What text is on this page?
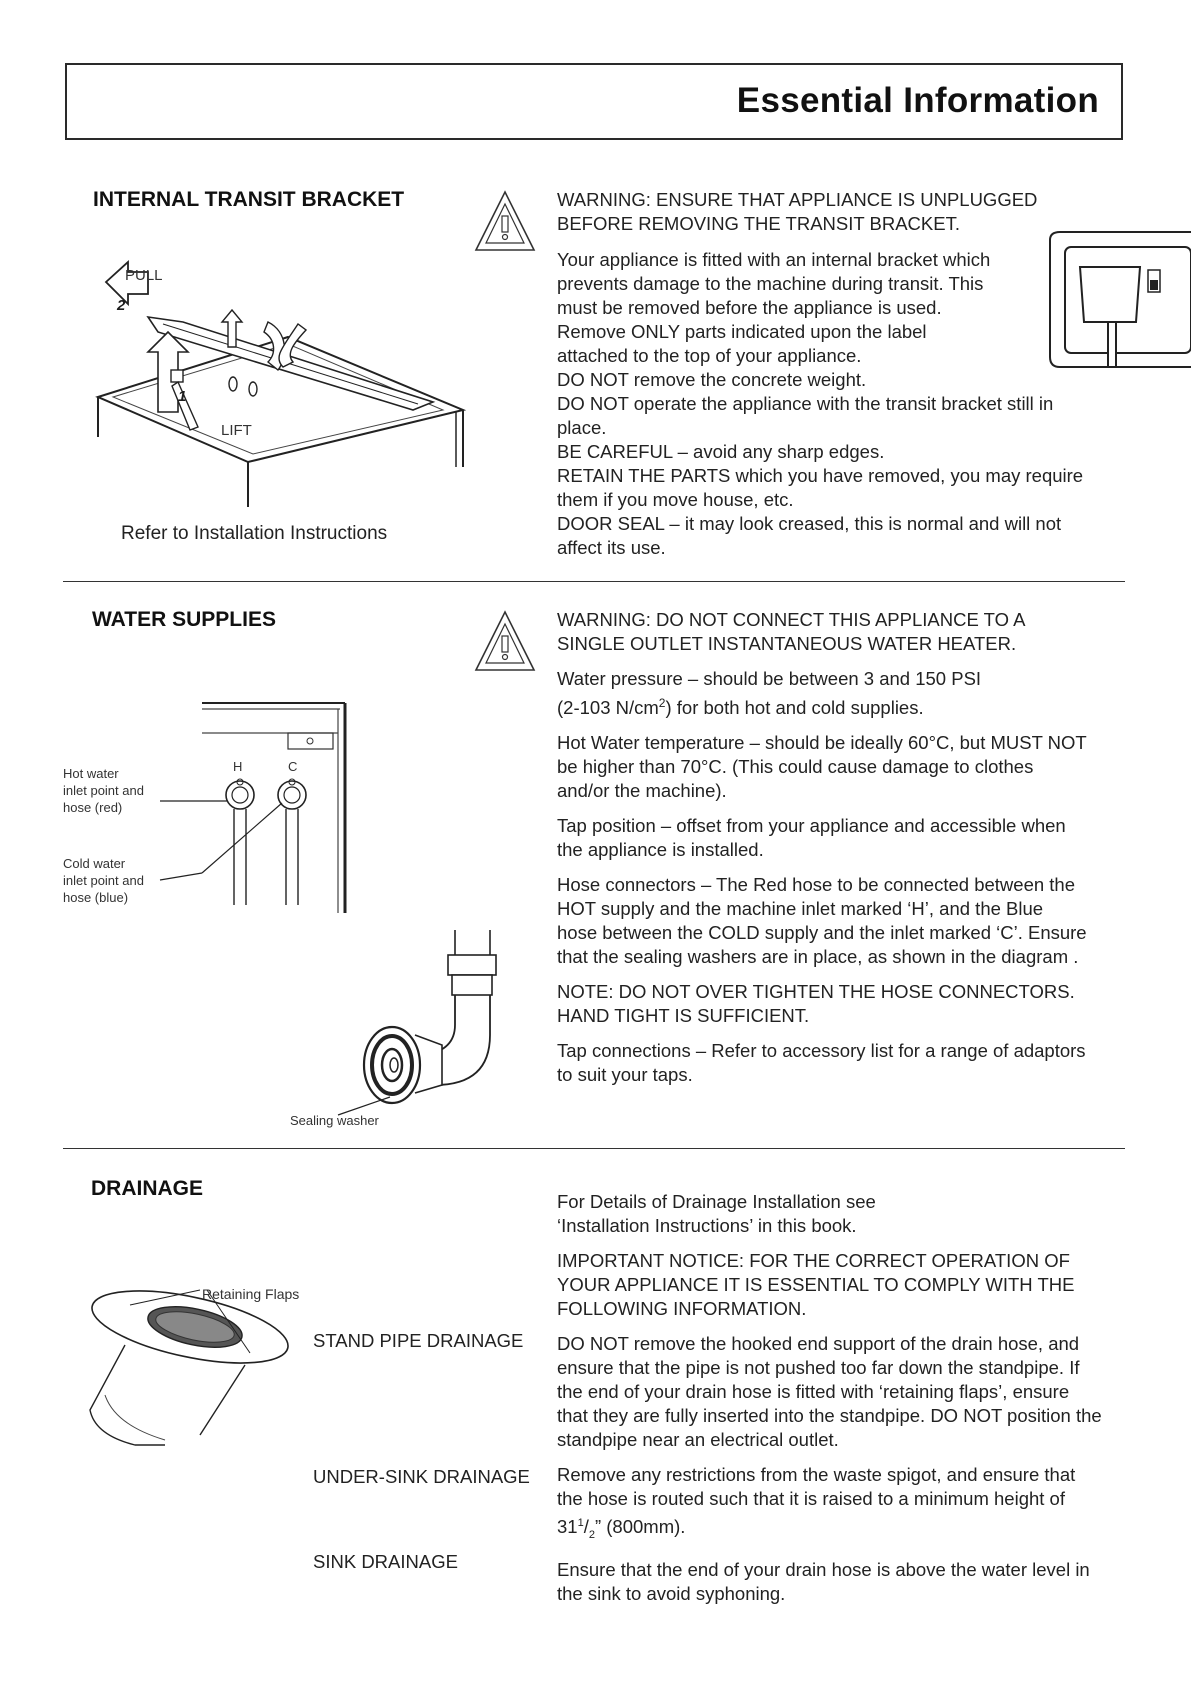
Essential Information
INTERNAL TRANSIT BRACKET
PULL
2
1
LIFT
Refer to Installation Instructions
WARNING: ENSURE THAT APPLIANCE IS UNPLUGGED BEFORE REMOVING THE TRANSIT BRACKET.
Your appliance is fitted with an internal bracket which
prevents damage to the machine during transit. This
must be removed before the appliance is used.
Remove ONLY parts indicated upon the label
attached to the top of your appliance.
DO NOT remove the concrete weight.
DO NOT operate the appliance with the transit bracket still in
place.
BE CAREFUL – avoid any sharp edges.
RETAIN THE PARTS which you have removed, you may require
them if you move house, etc.
DOOR SEAL – it may look creased, this is normal and will not
affect its use.
WATER SUPPLIES
H	C
Hot water
inlet point and
hose (red)
Cold water
inlet point and
hose (blue)
Sealing washer

WARNING: DO NOT CONNECT THIS APPLIANCE TO A SINGLE OUTLET INSTANTANEOUS WATER HEATER.

Water pressure – should be between 3 and 150 PSI
(2-103 $N/cm^2$) for both hot and cold supplies.

Hot Water temperature – should be ideally 60°C, but MUST NOT be higher than 70°C. (This could cause damage to clothes and/or the machine).

Tap position – offset from your appliance and accessible when the appliance is installed.

Hose connectors – The Red hose to be connected between the HOT supply and the machine inlet marked ‘H’, and the Blue hose between the COLD supply and the inlet marked ‘C’. Ensure that the sealing washers are in place, as shown in the diagram .

NOTE: DO NOT OVER TIGHTEN THE HOSE CONNECTORS. HAND TIGHT IS SUFFICIENT.

Tap connections – Refer to accessory list for a range of adaptors to suit your taps.

DRAINAGE
Retaining Flaps
STAND PIPE DRAINAGE
UNDER-SINK DRAINAGE
SINK DRAINAGE

For Details of Drainage Installation see
‘Installation Instructions’ in this book.

IMPORTANT NOTICE: FOR THE CORRECT OPERATION OF YOUR APPLIANCE IT IS ESSENTIAL TO COMPLY WITH THE FOLLOWING INFORMATION.

DO NOT remove the hooked end support of the drain hose, and ensure that the pipe is not pushed too far down the standpipe. If the end of your drain hose is fitted with ‘retaining flaps’, ensure that they are fully inserted into the standpipe. DO NOT position the standpipe near an electrical outlet.

Remove any restrictions from the waste spigot, and ensure that the hose is routed such that it is raised to a minimum height of $31^1/_2$” (800mm).

Ensure that the end of your drain hose is above the water level in the sink to avoid syphoning.
